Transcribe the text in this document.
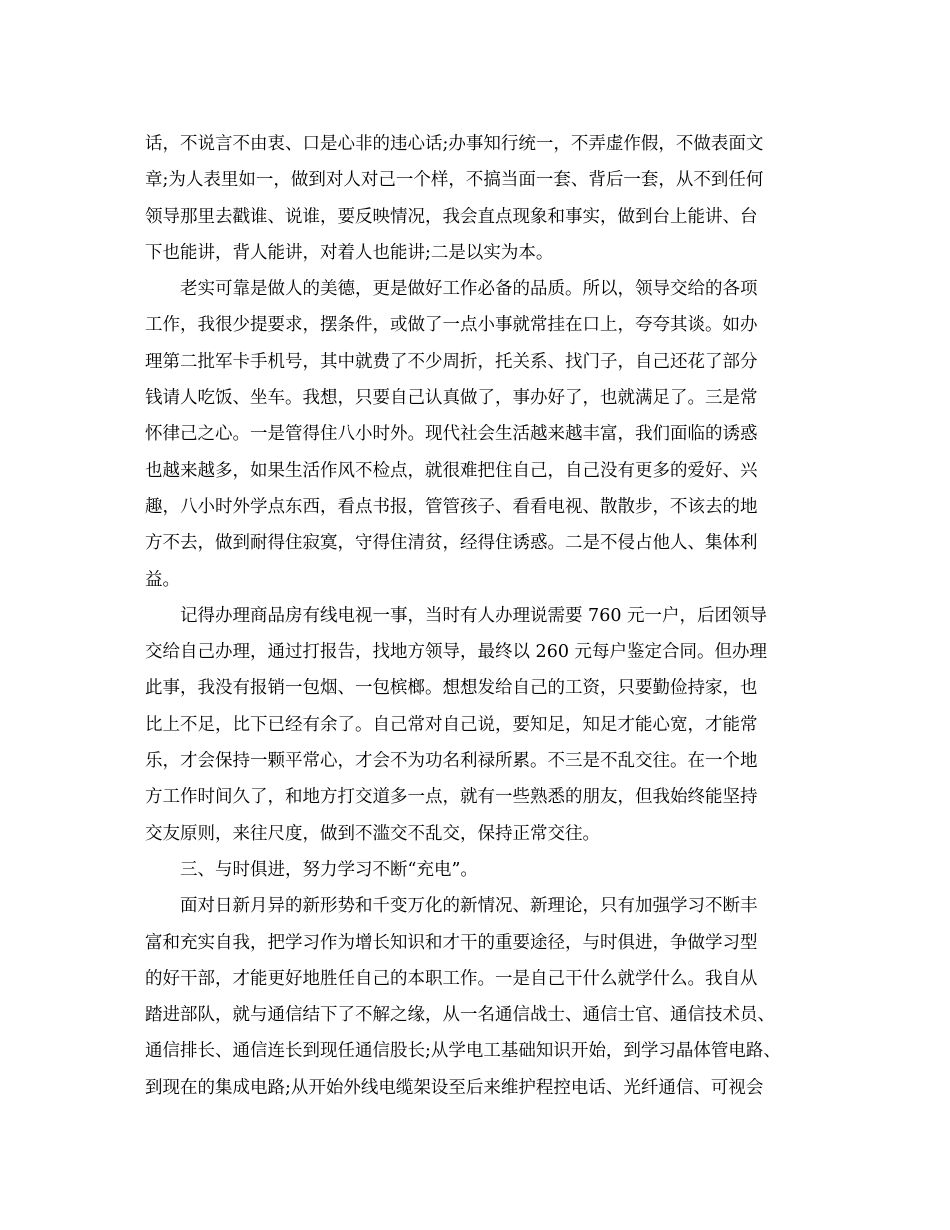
话，不说言不由衷、口是心非的违心话;办事知行统一，不弄虚作假，不做表面文
章;为人表里如一，做到对人对己一个样，不搞当面一套、背后一套，从不到任何
领导那里去戳谁、说谁，要反映情况，我会直点现象和事实，做到台上能讲、台
下也能讲，背人能讲，对着人也能讲;二是以实为本。
　　老实可靠是做人的美德，更是做好工作必备的品质。所以，领导交给的各项
工作，我很少提要求，摆条件，或做了一点小事就常挂在口上，夸夸其谈。如办
理第二批军卡手机号，其中就费了不少周折，托关系、找门子，自己还花了部分
钱请人吃饭、坐车。我想，只要自己认真做了，事办好了，也就满足了。三是常
怀律己之心。一是管得住八小时外。现代社会生活越来越丰富，我们面临的诱惑
也越来越多，如果生活作风不检点，就很难把住自己，自己没有更多的爱好、兴
趣，八小时外学点东西，看点书报，管管孩子、看看电视、散散步，不该去的地
方不去，做到耐得住寂寞，守得住清贫，经得住诱惑。二是不侵占他人、集体利
益。
　　记得办理商品房有线电视一事，当时有人办理说需要 760 元一户，后团领导
交给自己办理，通过打报告，找地方领导，最终以 260 元每户鉴定合同。但办理
此事，我没有报销一包烟、一包槟榔。想想发给自己的工资，只要勤俭持家，也
比上不足，比下已经有余了。自己常对自己说，要知足，知足才能心宽，才能常
乐，才会保持一颗平常心，才会不为功名利禄所累。不三是不乱交往。在一个地
方工作时间久了，和地方打交道多一点，就有一些熟悉的朋友，但我始终能坚持
交友原则，来往尺度，做到不滥交不乱交，保持正常交往。
　　三、与时俱进，努力学习不断“充电”。
　　面对日新月异的新形势和千变万化的新情况、新理论，只有加强学习不断丰
富和充实自我，把学习作为增长知识和才干的重要途径，与时俱进，争做学习型
的好干部，才能更好地胜任自己的本职工作。一是自己干什么就学什么。我自从
踏进部队，就与通信结下了不解之缘，从一名通信战士、通信士官、通信技术员、
通信排长、通信连长到现任通信股长;从学电工基础知识开始，到学习晶体管电路、
到现在的集成电路;从开始外线电缆架设至后来维护程控电话、光纤通信、可视会
